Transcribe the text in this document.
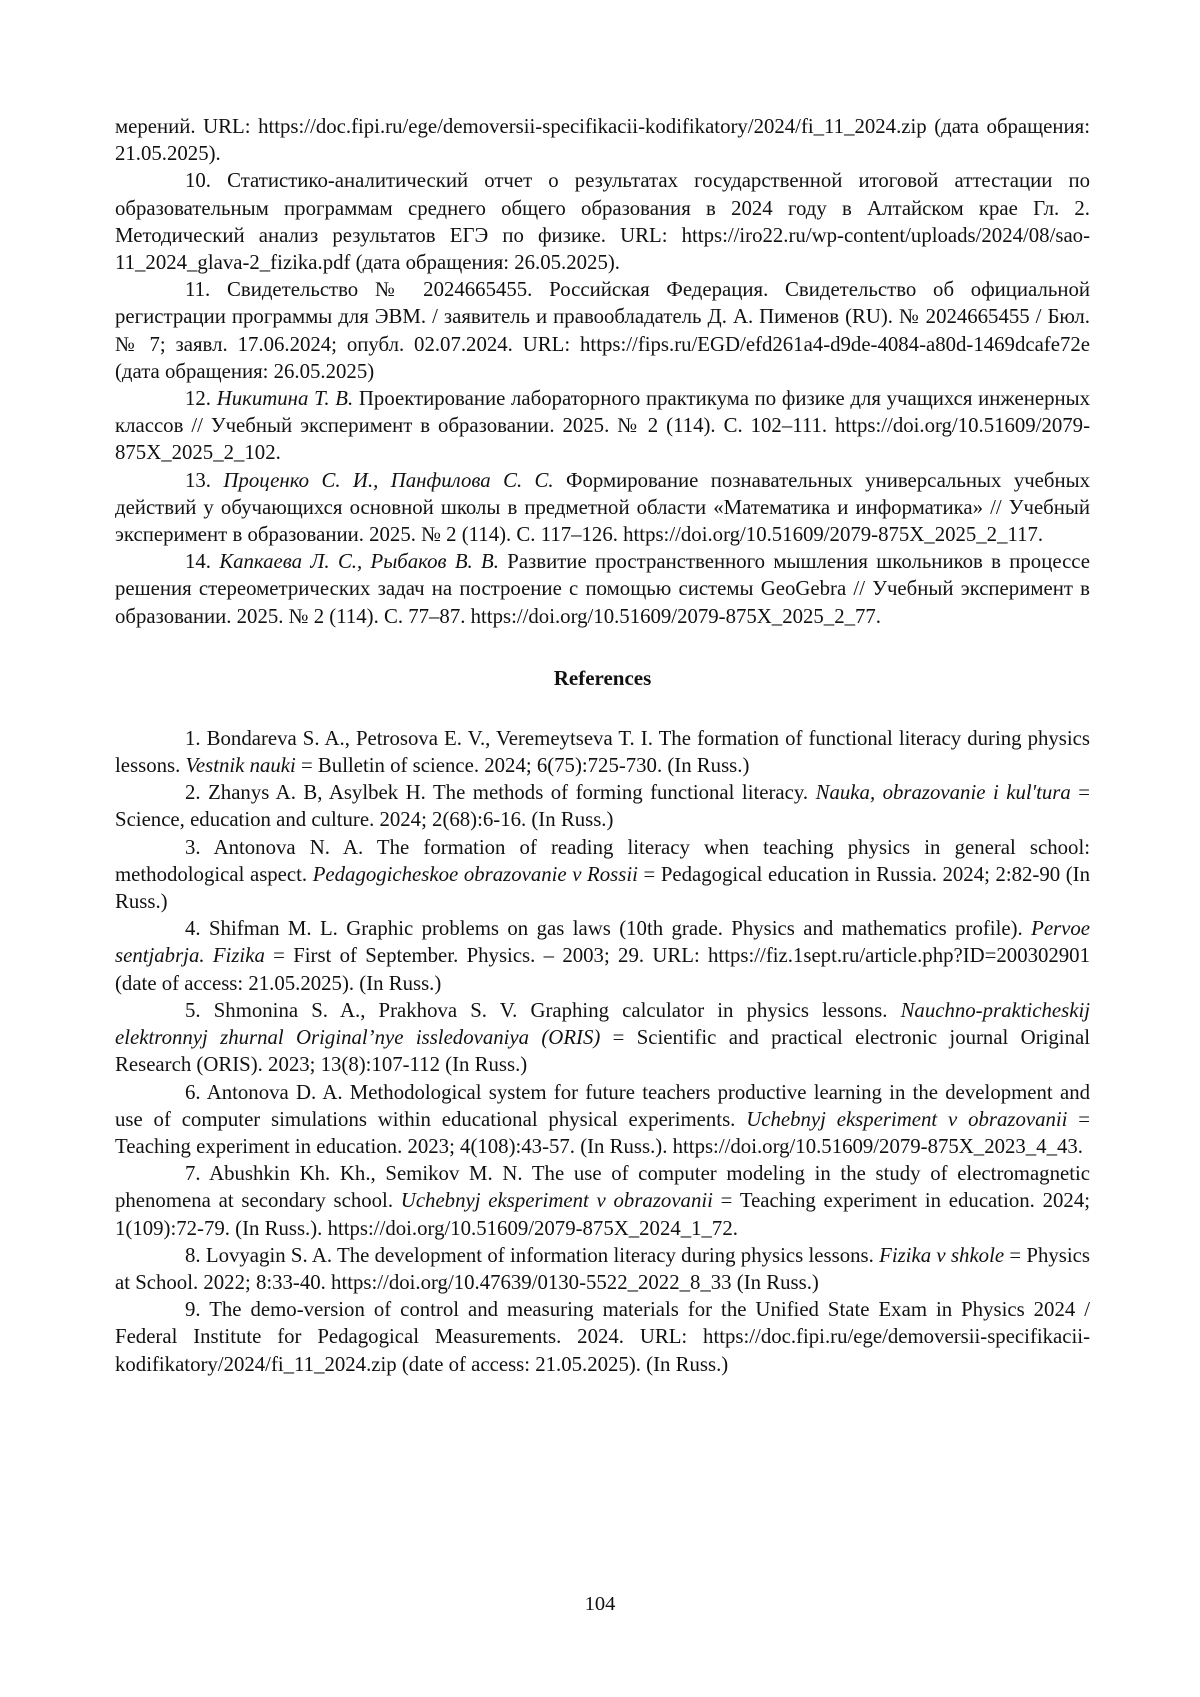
мерений. URL: https://doc.fipi.ru/ege/demoversii-specifikacii-kodifikatory/2024/fi_11_2024.zip (дата обращения: 21.05.2025).

10. Статистико-аналитический отчет о результатах государственной итоговой аттестации по образовательным программам среднего общего образования в 2024 году в Алтайском крае Гл. 2. Методический анализ результатов ЕГЭ по физике. URL: https://iro22.ru/wp-content/uploads/2024/08/sao-11_2024_glava-2_fizika.pdf (дата обращения: 26.05.2025).

11. Свидетельство № 2024665455. Российская Федерация. Свидетельство об официальной регистрации программы для ЭВМ. / заявитель и правообладатель Д. А. Пименов (RU). № 2024665455 / Бюл. № 7; заявл. 17.06.2024; опубл. 02.07.2024. URL: https://fips.ru/EGD/efd261a4-d9de-4084-a80d-1469dcafe72e (дата обращения: 26.05.2025)

12. Никитина Т. В. Проектирование лабораторного практикума по физике для учащихся инженерных классов // Учебный эксперимент в образовании. 2025. № 2 (114). С. 102–111. https://doi.org/10.51609/2079-875X_2025_2_102.

13. Проценко С. И., Панфилова С. С. Формирование познавательных универсальных учебных действий у обучающихся основной школы в предметной области «Математика и информатика» // Учебный эксперимент в образовании. 2025. № 2 (114). С. 117–126. https://doi.org/10.51609/2079-875X_2025_2_117.

14. Капкаева Л. С., Рыбаков В. В. Развитие пространственного мышления школьников в процессе решения стереометрических задач на построение с помощью системы GeoGebra // Учебный эксперимент в образовании. 2025. № 2 (114). С. 77–87. https://doi.org/10.51609/2079-875X_2025_2_77.

References

1. Bondareva S. A., Petrosova E. V., Veremeytseva T. I. The formation of functional literacy during physics lessons. Vestnik nauki = Bulletin of science. 2024; 6(75):725-730. (In Russ.)

2. Zhanys A. B, Asylbek H. The methods of forming functional literacy. Nauka, obrazovanie i kul'tura = Science, education and culture. 2024; 2(68):6-16. (In Russ.)

3. Antonova N. A. The formation of reading literacy when teaching physics in general school: methodological aspect. Pedagogicheskoe obrazovanie v Rossii = Pedagogical education in Russia. 2024; 2:82-90 (In Russ.)

4. Shifman M. L. Graphic problems on gas laws (10th grade. Physics and mathematics profile). Pervoe sentjabrja. Fizika = First of September. Physics. – 2003; 29. URL: https://fiz.1sept.ru/article.php?ID=200302901 (date of access: 21.05.2025). (In Russ.)

5. Shmonina S. A., Prakhova S. V. Graphing calculator in physics lessons. Nauchno-prakticheskij elektronnyj zhurnal Original’nye issledovaniya (ORIS) = Scientific and practical electronic journal Original Research (ORIS). 2023; 13(8):107-112 (In Russ.)

6. Antonova D. A. Methodological system for future teachers productive learning in the development and use of computer simulations within educational physical experiments. Uchebnyj eksperiment v obrazovanii = Teaching experiment in education. 2023; 4(108):43-57. (In Russ.). https://doi.org/10.51609/2079-875X_2023_4_43.

7. Abushkin Kh. Kh., Semikov M. N. The use of computer modeling in the study of electromagnetic phenomena at secondary school. Uchebnyj eksperiment v obrazovanii = Teaching experiment in education. 2024; 1(109):72-79. (In Russ.). https://doi.org/10.51609/2079-875X_2024_1_72.

8. Lovyagin S. A. The development of information literacy during physics lessons. Fizika v shkole = Physics at School. 2022; 8:33-40. https://doi.org/10.47639/0130-5522_2022_8_33 (In Russ.)

9. The demo-version of control and measuring materials for the Unified State Exam in Physics 2024 / Federal Institute for Pedagogical Measurements. 2024. URL: https://doc.fipi.ru/ege/demoversii-specifikacii-kodifikatory/2024/fi_11_2024.zip (date of access: 21.05.2025). (In Russ.)

104
